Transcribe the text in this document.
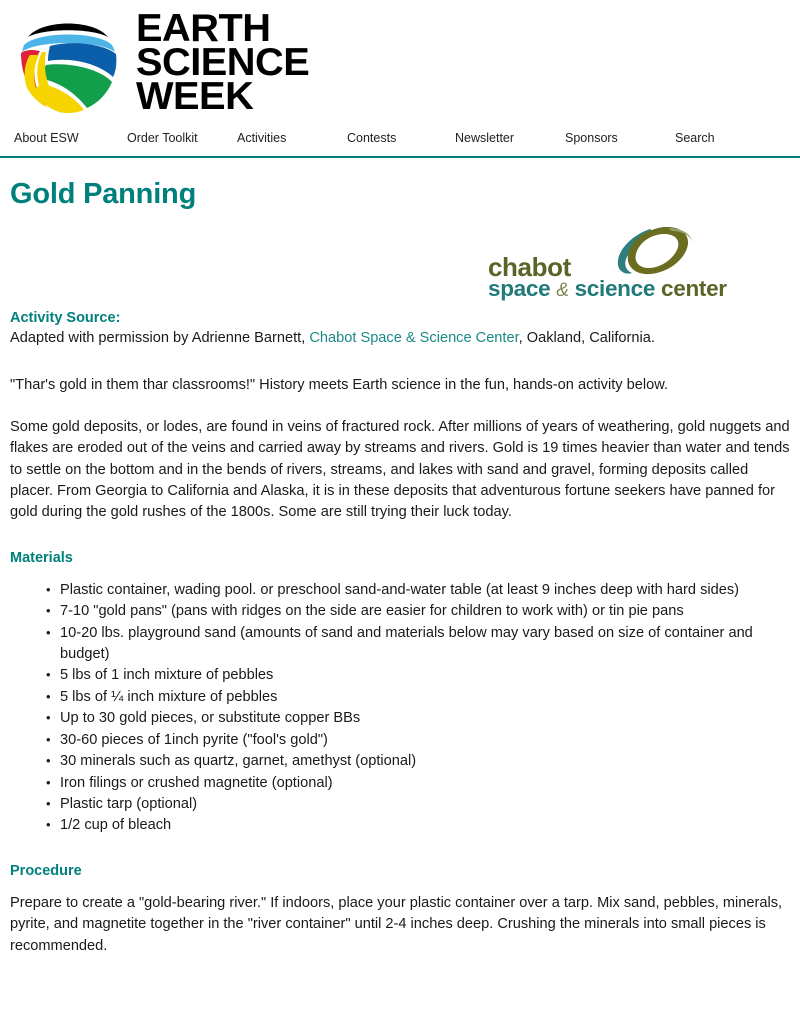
EARTH
SCIENCE
WEEK
About ESW	Order Toolkit	Activities	Contests	Newsletter	Sponsors	Search
Gold Panning
chabot
space & science center
Activity Source:

Adapted with permission by Adrienne Barnett, Chabot Space & Science Center, Oakland, California.

"Thar's gold in them thar classrooms!" History meets Earth science in the fun, hands-on activity below.

Some gold deposits, or lodes, are found in veins of fractured rock. After millions of years of weathering, gold nuggets and flakes are eroded out of the veins and carried away by streams and rivers. Gold is 19 times heavier than water and tends to settle on the bottom and in the bends of rivers, streams, and lakes with sand and gravel, forming deposits called placer. From Georgia to California and Alaska, it is in these deposits that adventurous fortune seekers have panned for gold during the gold rushes of the 1800s. Some are still trying their luck today.

Materials
• Plastic container, wading pool. or preschool sand-and-water table (at least 9 inches deep with hard sides)
• 7-10 "gold pans" (pans with ridges on the side are easier for children to work with) or tin pie pans
• 10-20 lbs. playground sand (amounts of sand and materials below may vary based on size of container and budget)
• 5 lbs of 1 inch mixture of pebbles
• 5 lbs of ¼ inch mixture of pebbles
• Up to 30 gold pieces, or substitute copper BBs
• 30-60 pieces of 1inch pyrite ("fool's gold")
• 30 minerals such as quartz, garnet, amethyst (optional)
• Iron filings or crushed magnetite (optional)
• Plastic tarp (optional)
• 1/2 cup of bleach
Procedure

Prepare to create a "gold-bearing river." If indoors, place your plastic container over a tarp. Mix sand, pebbles, minerals, pyrite, and magnetite together in the "river container" until 2-4 inches deep. Crushing the minerals into small pieces is recommended.
